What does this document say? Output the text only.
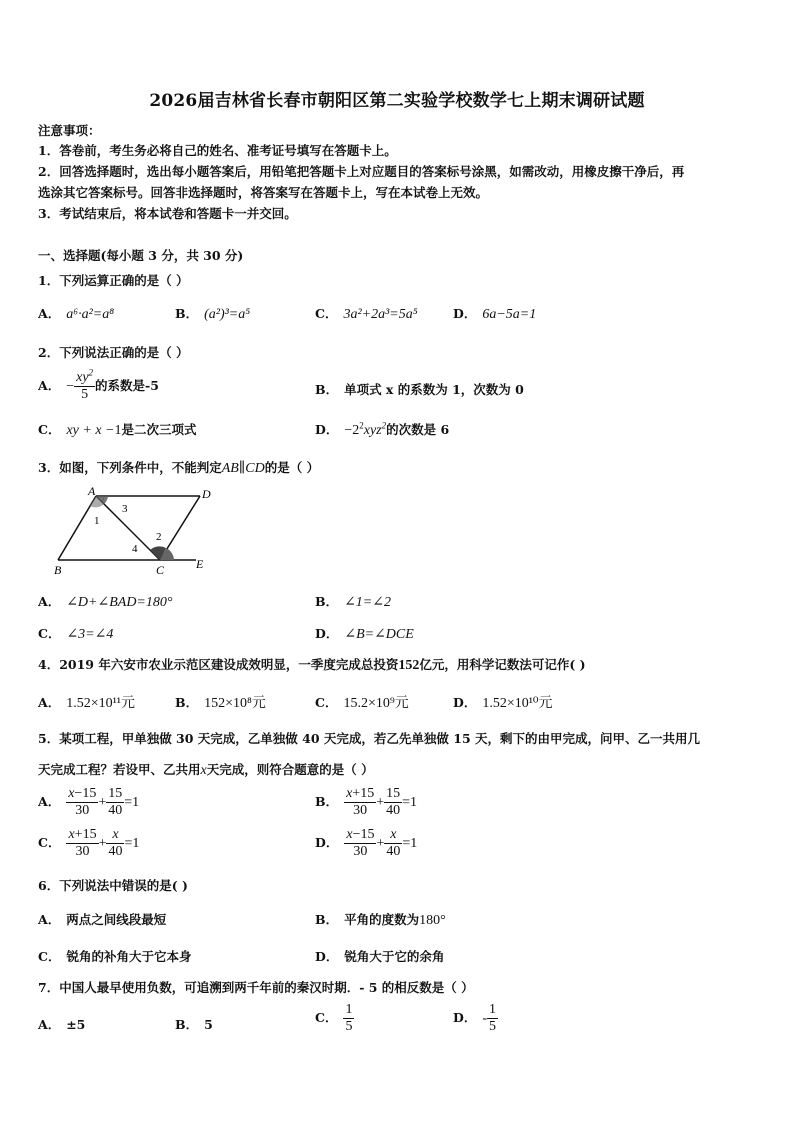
2026届吉林省长春市朝阳区第二实验学校数学七上期末调研试题
注意事项：
1．答卷前，考生务必将自己的姓名、准考证号填写在答题卡上。
2．回答选择题时，选出每小题答案后，用铅笔把答题卡上对应题目的答案标号涂黑，如需改动，用橡皮擦干净后，再
选涂其它答案标号。回答非选择题时，将答案写在答题卡上，写在本试卷上无效。
3．考试结束后，将本试卷和答题卡一并交回。
一、选择题(每小题 3 分，共 30 分)
1．下列运算正确的是（ ）
A． a⁶·a²=a⁸	B． (a²)³=a⁵	C． 3a²+2a³=5a⁵	D． 6a−5a=1
2．下列说法正确的是（ ）
A． − $\frac{xy^2}{5}$ 的系数是-5	B． 单项式 x 的系数为 1，次数为 0
C． xy + x −1是二次三项式	D． $-2^2xyz^2$的次数是 6
3．如图，下列条件中，不能判定AB∥CD的是（ ）
A	D
B	C	E
1
3
2
4
A． ∠D+∠BAD=180°	B． ∠1=∠2
C． ∠3=∠4	D． ∠B=∠DCE
4．2019 年六安市农业示范区建设成效明显，一季度完成总投资152亿元，用科学记数法可记作( )
A． 1.52×10¹¹元	B． 152×10⁸元	C． 15.2×10⁹元	D． 1.52×10¹⁰元
5．某项工程，甲单独做 30 天完成，乙单独做 40 天完成，若乙先单独做 15 天，剩下的由甲完成，问甲、乙一共用几
天完成工程？若设甲、乙共用x天完成，则符合题意的是（ ）
A． $\frac{x-15}{30} + \frac{15}{40} =1$	B． $\frac{x+15}{30} + \frac{15}{40} =1$
C． $\frac{x+15}{30} + \frac{x}{40} =1$	D． $\frac{x-15}{30} + \frac{x}{40} =1$
6．下列说法中错误的是( )
A． 两点之间线段最短	B． 平角的度数为180°
C． 锐角的补角大于它本身	D． 锐角大于它的余角
7．中国人最早使用负数，可追溯到两千年前的秦汉时期．- 5 的相反数是（ ）
A． ±5	B． 5	C． $\frac{1}{5}$	D． - $\frac{1}{5}$
